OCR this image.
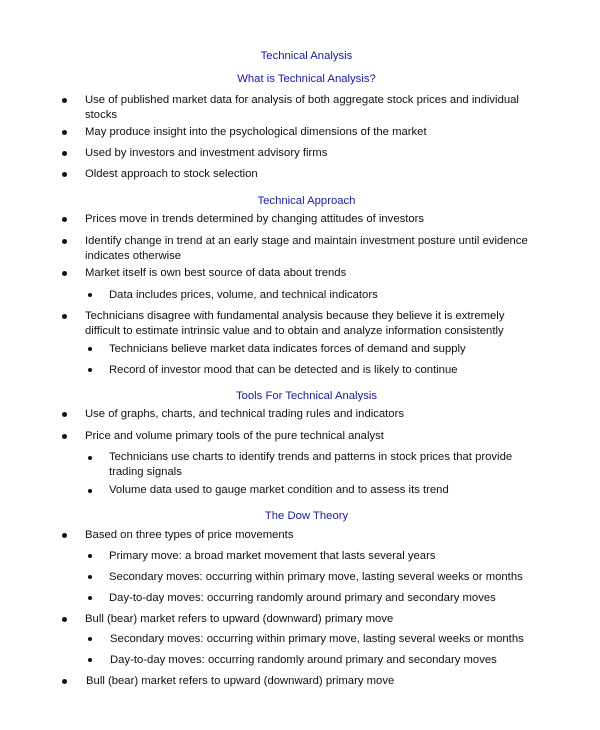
Technical Analysis
What is Technical Analysis?
Use of published market data for analysis of both aggregate stock prices and individual stocks
May produce insight into the psychological dimensions of the market
Used by investors and investment advisory firms
Oldest approach to stock selection
Technical Approach
Prices move in trends determined by changing attitudes of investors
Identify change in trend at an early stage and maintain investment posture until evidence indicates otherwise
Market itself is own best source of data about trends
Data includes prices, volume, and technical indicators
Technicians disagree with fundamental analysis because they believe it is extremely difficult to estimate intrinsic value and to obtain and analyze information consistently
Technicians believe market data indicates forces of demand and supply
Record of investor mood that can be detected and is likely to continue
Tools For Technical Analysis
Use of graphs, charts, and technical trading rules and indicators
Price and volume primary tools of the pure technical analyst
Technicians use charts to identify trends and patterns in stock prices that provide trading signals
Volume data used to gauge market condition and to assess its trend
The Dow Theory
Based on three types of price movements
Primary move: a broad market movement that lasts several years
Secondary moves: occurring within primary move, lasting several weeks or months
Day-to-day moves: occurring randomly around primary and secondary moves
Bull (bear) market refers to upward (downward) primary move
Secondary moves: occurring within primary move, lasting several weeks or months
Day-to-day moves: occurring randomly around primary and secondary moves
Bull (bear) market refers to upward (downward) primary move
